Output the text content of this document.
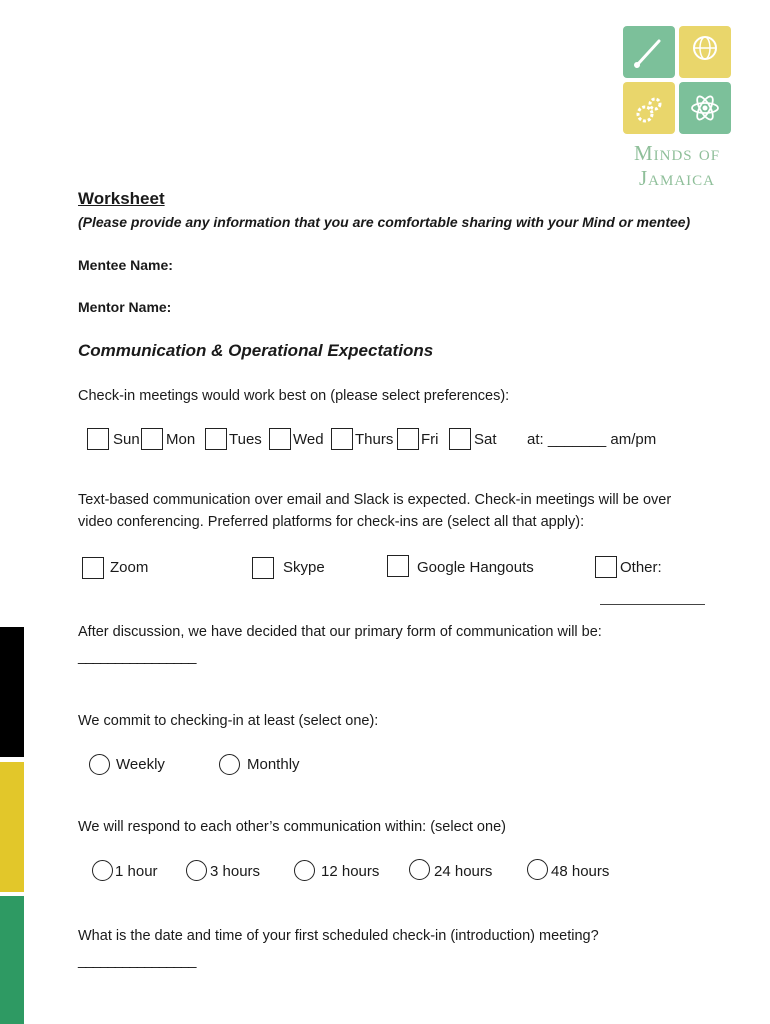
Minds of
Jamaica
Worksheet
(Please provide any information that you are comfortable sharing with your Mind or mentee)
Mentee Name:
Mentor Name:
Communication & Operational Expectations
Check-in meetings would work best on (please select preferences):
Sun Mon Tues Wed Thurs Fri Sat at: _______ am/pm
Text-based communication over email and Slack is expected. Check-in meetings will be over
video conferencing. Preferred platforms for check-ins are (select all that apply):
Zoom	Skype	Google Hangouts	Other:
After discussion, we have decided that our primary form of communication will be:
________________
We commit to checking-in at least (select one):
Weekly	Monthly
We will respond to each other’s communication within: (select one)
1 hour	3 hours	12 hours	24 hours	48 hours
What is the date and time of your first scheduled check-in (introduction) meeting?
________________
